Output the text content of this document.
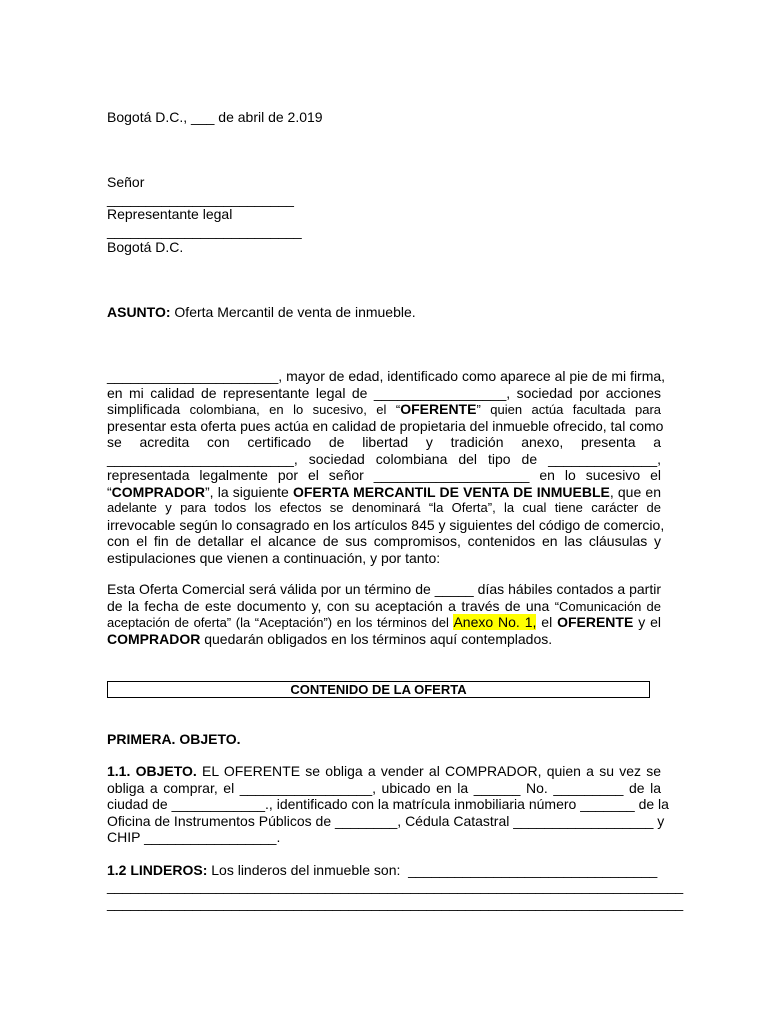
Bogotá D.C., ___ de abril de 2.019
Señor
________________________
Representante legal
_________________________
Bogotá D.C.
ASUNTO: Oferta Mercantil de venta de inmueble.
______________________, mayor de edad, identificado como aparece al pie de mi firma,
en mi calidad de representante legal de _________________, sociedad por acciones
simplificada colombiana, en lo sucesivo, el “OFERENTE” quien actúa facultada para
presentar esta oferta pues actúa en calidad de propietaria del inmueble ofrecido, tal como
se acredita con certificado de libertad y tradición anexo, presenta a
________________________, sociedad colombiana del tipo de ______________,
representada legalmente por el señor ____________________ en lo sucesivo el
“COMPRADOR”, la siguiente OFERTA MERCANTIL DE VENTA DE INMUEBLE, que en
adelante y para todos los efectos se denominará “la Oferta”, la cual tiene carácter de
irrevocable según lo consagrado en los artículos 845 y siguientes del código de comercio,
con el fin de detallar el alcance de sus compromisos, contenidos en las cláusulas y
estipulaciones que vienen a continuación, y por tanto:
Esta Oferta Comercial será válida por un término de _____ días hábiles contados a partir
de la fecha de este documento y, con su aceptación a través de una “Comunicación de
aceptación de oferta” (la “Aceptación”) en los términos del Anexo No. 1, el OFERENTE y el
COMPRADOR quedarán obligados en los términos aquí contemplados.
CONTENIDO DE LA OFERTA
PRIMERA. OBJETO.
1.1. OBJETO. EL OFERENTE se obliga a vender al COMPRADOR, quien a su vez se
obliga a comprar, el _________________, ubicado en la ______ No. _________ de la
ciudad de ____________., identificado con la matrícula inmobiliaria número _______ de la
Oficina de Instrumentos Públicos de ________, Cédula Catastral __________________ y
CHIP _________________.
1.2 LINDEROS: Los linderos del inmueble son:  ________________________________
__________________________________________________________________________
__________________________________________________________________________
